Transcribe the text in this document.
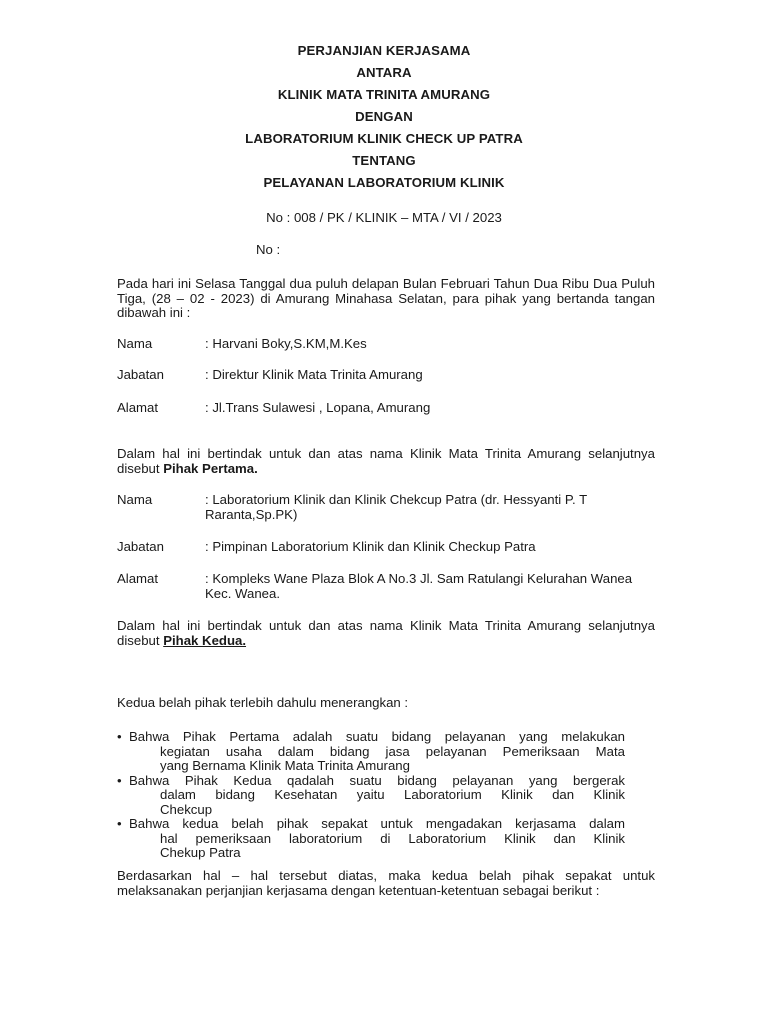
PERJANJIAN KERJASAMA
ANTARA
KLINIK MATA TRINITA AMURANG
DENGAN
LABORATORIUM KLINIK CHECK UP PATRA
TENTANG
PELAYANAN LABORATORIUM KLINIK
No : 008 / PK / KLINIK – MTA / VI / 2023
No :
Pada hari ini Selasa Tanggal dua puluh delapan Bulan Februari Tahun Dua Ribu Dua Puluh Tiga, (28 – 02 - 2023) di Amurang Minahasa Selatan, para pihak yang bertanda tangan dibawah ini :
Nama	: Harvani Boky,S.KM,M.Kes
Jabatan	: Direktur Klinik Mata Trinita Amurang
Alamat	: Jl.Trans Sulawesi , Lopana, Amurang
Dalam hal ini bertindak untuk dan atas nama Klinik Mata Trinita Amurang selanjutnya disebut Pihak Pertama.
Nama	: Laboratorium Klinik dan Klinik Chekcup Patra (dr. Hessyanti P. T Raranta,Sp.PK)
Jabatan	: Pimpinan Laboratorium Klinik dan Klinik Checkup Patra
Alamat	: Kompleks Wane Plaza Blok A No.3 Jl. Sam Ratulangi Kelurahan Wanea Kec. Wanea.
Dalam hal ini bertindak untuk dan atas nama Klinik Mata Trinita Amurang selanjutnya disebut Pihak Kedua.
Kedua belah pihak terlebih dahulu menerangkan :
• Bahwa Pihak Pertama adalah suatu bidang pelayanan yang melakukan
kegiatan usaha dalam bidang jasa pelayanan Pemeriksaan Mata
yang Bernama Klinik Mata Trinita Amurang
• Bahwa Pihak Kedua qadalah suatu bidang pelayanan yang bergerak
dalam bidang Kesehatan yaitu Laboratorium Klinik dan Klinik
Chekcup
• Bahwa kedua belah pihak sepakat untuk mengadakan kerjasama dalam
hal pemeriksaan laboratorium di Laboratorium Klinik dan Klinik
Chekup Patra
Berdasarkan hal – hal tersebut diatas, maka kedua belah pihak sepakat untuk melaksanakan perjanjian kerjasama dengan ketentuan-ketentuan sebagai berikut :
